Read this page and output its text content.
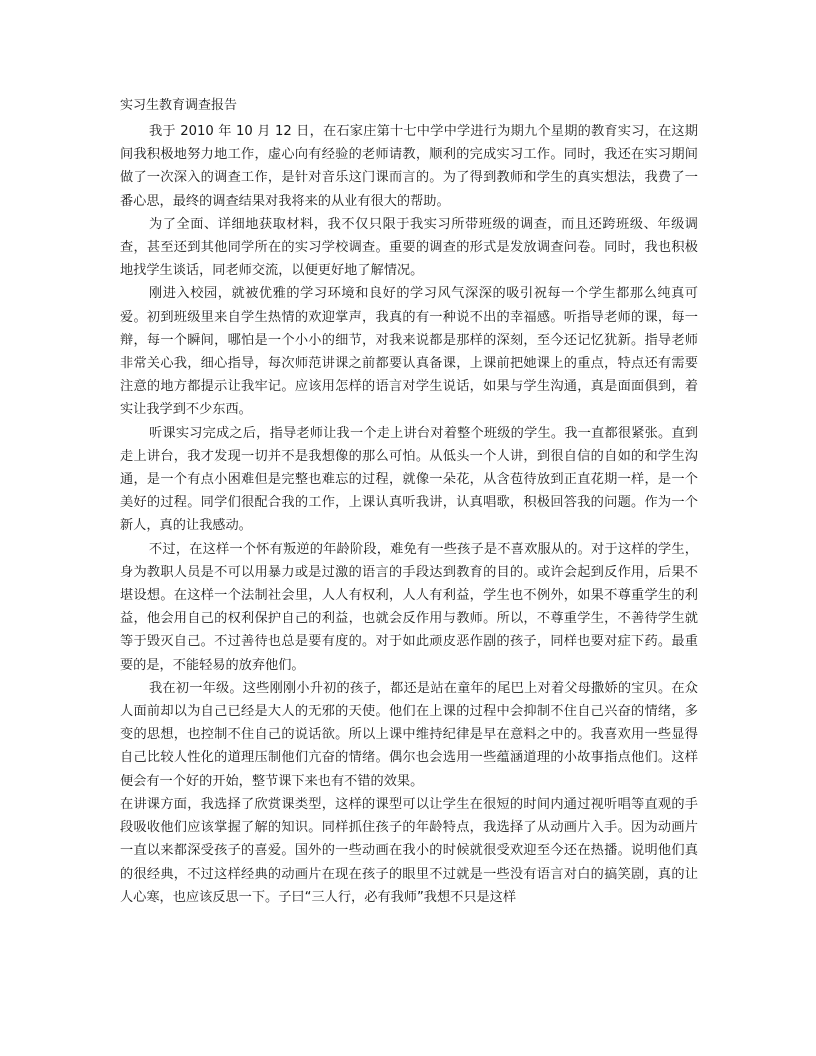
实习生教育调查报告

我于 2010 年 10 月 12 日，在石家庄第十七中学中学进行为期九个星期的教育实习，在这期间我积极地努力地工作，虚心向有经验的老师请教，顺利的完成实习工作。同时，我还在实习期间做了一次深入的调查工作，是针对音乐这门课而言的。为了得到教师和学生的真实想法，我费了一番心思，最终的调查结果对我将来的从业有很大的帮助。

为了全面、详细地获取材料，我不仅只限于我实习所带班级的调查，而且还跨班级、年级调查，甚至还到其他同学所在的实习学校调查。重要的调查的形式是发放调查问卷。同时，我也积极地找学生谈话，同老师交流，以便更好地了解情况。

刚进入校园，就被优雅的学习环境和良好的学习风气深深的吸引祝每一个学生都那么纯真可爱。初到班级里来自学生热情的欢迎掌声，我真的有一种说不出的幸福感。听指导老师的课，每一辩，每一个瞬间，哪怕是一个小小的细节，对我来说都是那样的深刻，至今还记忆犹新。指导老师非常关心我，细心指导，每次师范讲课之前都要认真备课，上课前把她课上的重点，特点还有需要注意的地方都提示让我牢记。应该用怎样的语言对学生说话，如果与学生沟通，真是面面俱到，着实让我学到不少东西。

听课实习完成之后，指导老师让我一个走上讲台对着整个班级的学生。我一直都很紧张。直到走上讲台，我才发现一切并不是我想像的那么可怕。从低头一个人讲，到很自信的自如的和学生沟通，是一个有点小困难但是完整也难忘的过程，就像一朵花，从含苞待放到正直花期一样，是一个美好的过程。同学们很配合我的工作，上课认真听我讲，认真唱歌，积极回答我的问题。作为一个新人，真的让我感动。

不过，在这样一个怀有叛逆的年龄阶段，难免有一些孩子是不喜欢服从的。对于这样的学生，身为教职人员是不可以用暴力或是过激的语言的手段达到教育的目的。或许会起到反作用，后果不堪设想。在这样一个法制社会里，人人有权利，人人有利益，学生也不例外，如果不尊重学生的利益，他会用自己的权利保护自己的利益，也就会反作用与教师。所以，不尊重学生，不善待学生就等于毁灭自己。不过善待也总是要有度的。对于如此顽皮恶作剧的孩子，同样也要对症下药。最重要的是，不能轻易的放弃他们。

我在初一年级。这些刚刚小升初的孩子，都还是站在童年的尾巴上对着父母撒娇的宝贝。在众人面前却以为自己已经是大人的无邪的天使。他们在上课的过程中会抑制不住自己兴奋的情绪，多变的思想，也控制不住自己的说话欲。所以上课中维持纪律是早在意料之中的。我喜欢用一些显得自己比较人性化的道理压制他们亢奋的情绪。偶尔也会选用一些蕴涵道理的小故事指点他们。这样便会有一个好的开始，整节课下来也有不错的效果。

在讲课方面，我选择了欣赏课类型，这样的课型可以让学生在很短的时间内通过视听唱等直观的手段吸收他们应该掌握了解的知识。同样抓住孩子的年龄特点，我选择了从动画片入手。因为动画片一直以来都深受孩子的喜爱。国外的一些动画在我小的时候就很受欢迎至今还在热播。说明他们真的很经典，不过这样经典的动画片在现在孩子的眼里不过就是一些没有语言对白的搞笑剧，真的让人心寒，也应该反思一下。子曰“三人行，必有我师”我想不只是这样
